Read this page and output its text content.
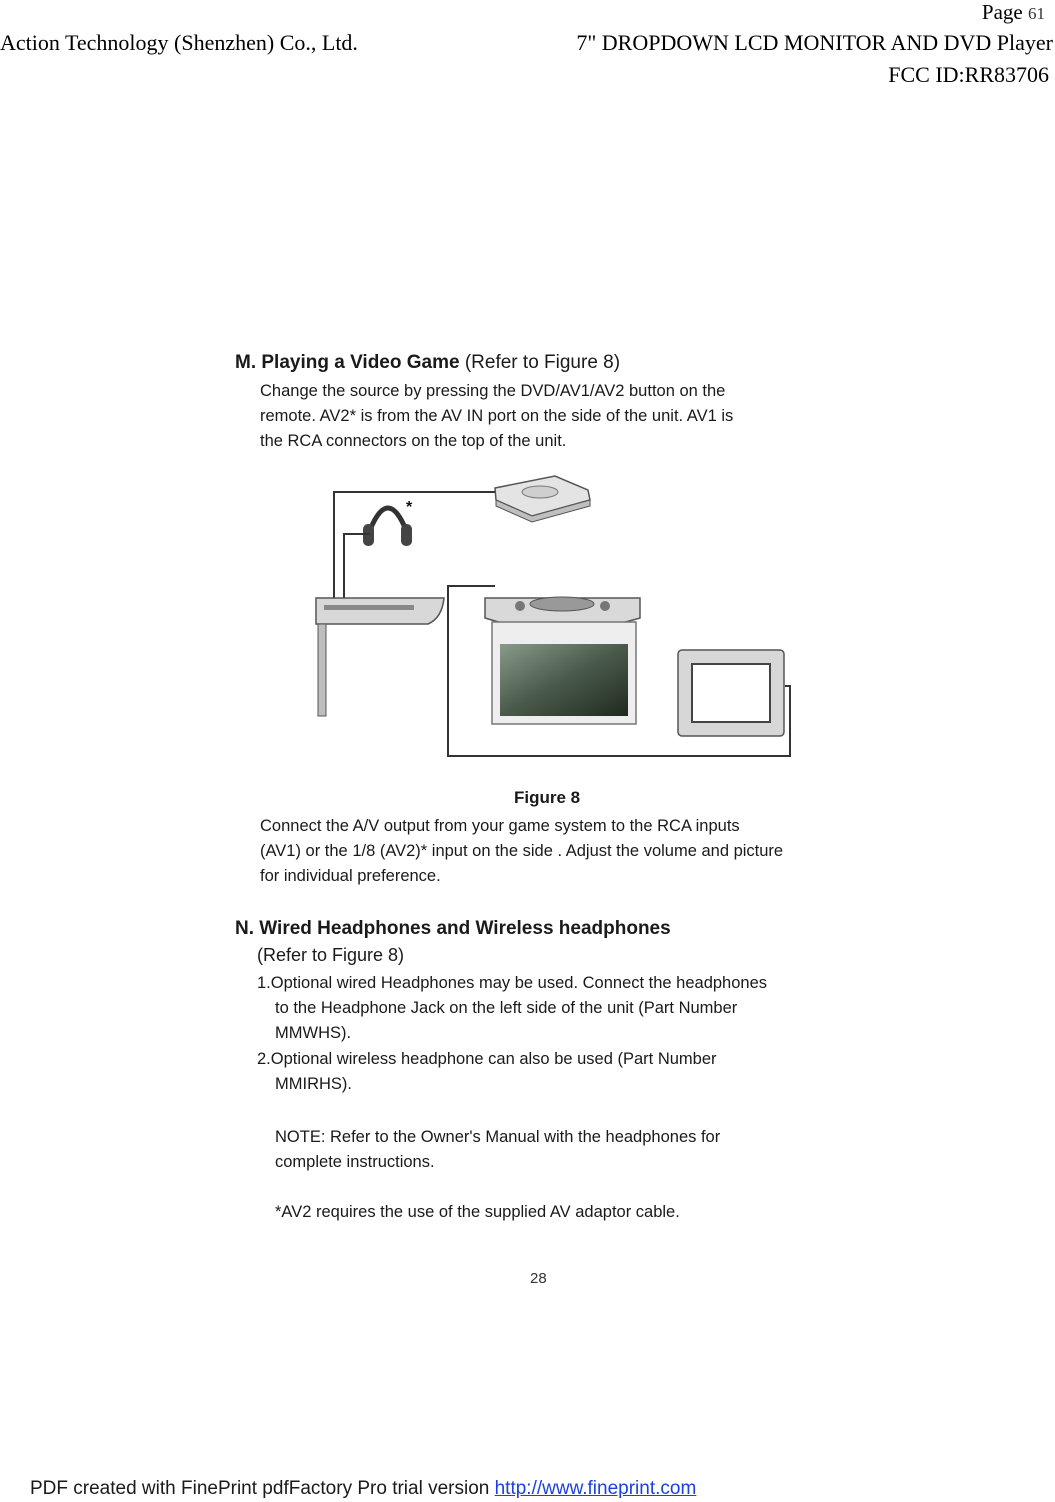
Page 61
Action Technology (Shenzhen) Co., Ltd.	7" DROPDOWN LCD MONITOR AND DVD Player
FCC ID:RR83706
M. Playing a Video Game (Refer to Figure 8)
Change the source by pressing the DVD/AV1/AV2 button on the
remote. AV2* is from the AV IN port on the side of the unit. AV1 is
the RCA connectors on the top of the unit.
*
Figure 8
Connect the A/V output from your game system to the RCA inputs
(AV1) or the 1/8 (AV2)* input on the side . Adjust the volume and picture
for individual preference.
N. Wired Headphones and Wireless headphones
(Refer to Figure 8)
1.Optional wired Headphones may be used. Connect the headphones
to the Headphone Jack on the left side of the unit (Part Number
MMWHS).
2.Optional wireless headphone can also be used (Part Number
MMIRHS).
NOTE: Refer to the Owner's Manual with the headphones for
complete instructions.
*AV2 requires the use of the supplied AV adaptor cable.
28
PDF created with FinePrint pdfFactory Pro trial version http://www.fineprint.com
